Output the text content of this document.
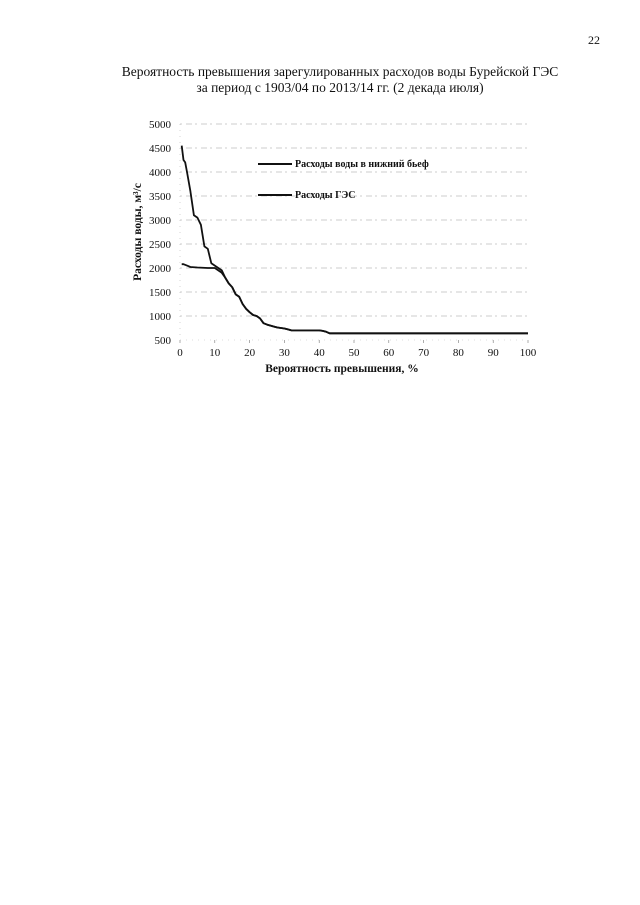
22
Вероятность превышения зарегулированных расходов воды Бурейской ГЭС
за период с 1903/04 по 2013/14 гг. (2 декада июля)
500
1000
1500
2000
2500
3000
3500
4000
4500
5000
0 10 20 30 40 50 60 70 80 90 100
Расходы воды в нижний бьеф
Расходы ГЭС
Вероятность превышения, %
Расходы воды, м³/с
